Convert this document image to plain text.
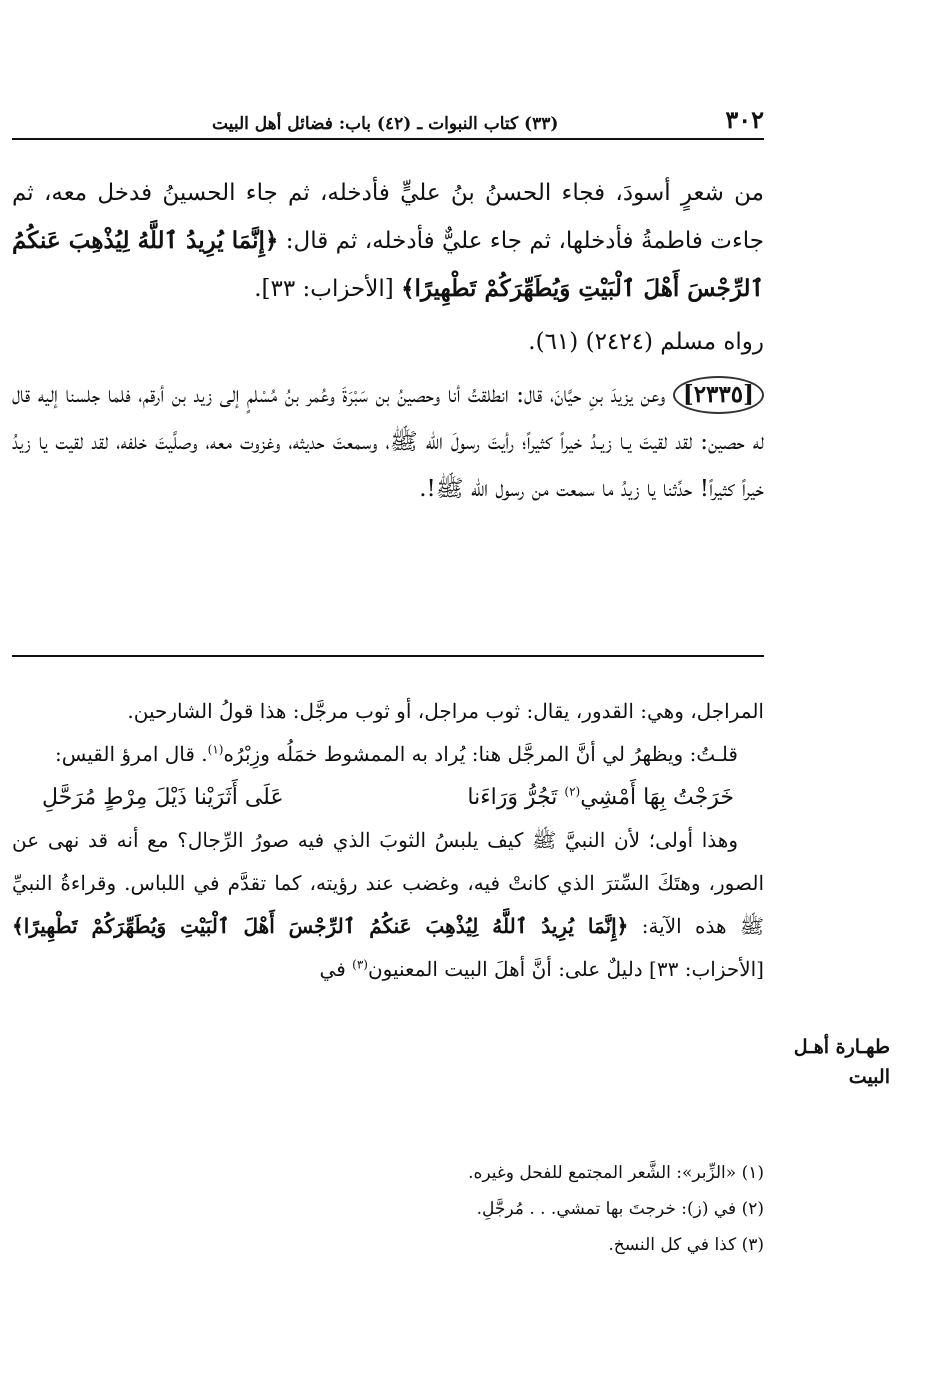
٣٠٢
(٣٣) كتاب النبوات ـ (٤٢) باب: فضائل أهل البيت

من شعرٍ أسودَ، فجاء الحسنُ بنُ عليٍّ فأدخله، ثم جاء الحسينُ فدخل معه، ثم جاءت فاطمةُ فأدخلها، ثم جاء عليٌّ فأدخله، ثم قال: ﴿إِنَّمَا يُرِيدُ ٱللَّهُ لِيُذْهِبَ عَنكُمُ ٱلرِّجْسَ أَهْلَ ٱلْبَيْتِ وَيُطَهِّرَكُمْ تَطْهِيرًا﴾ [الأحزاب: ٣٣].

رواه مسلم (٢٤٢٤) (٦١).

[٢٣٣٥] وعن يزيدَ بنِ حيَّانَ، قال: انطلقتُ أنا وحصينُ بن سَبْرَةَ وعُمر بنُ مُسْلمٍ إلى زيد بن أرقم، فلما جلسنا إليه قال له حصين: لقد لقيتَ يـا زيـدُ خيراً كثيراً؛ رأيتَ رسولَ الله ﷺ، وسمعتَ حديثه، وغزوت معه، وصلَّيتَ خلفه، لقد لقيت يا زيدُ خيراً كثيراً! حدِّثنا يا زيدُ ما سمعت من رسول الله ﷺ!.

المراجل، وهي: القدور، يقال: ثوب مراجل، أو ثوب مرجَّل: هذا قولُ الشارحين.

قلـتُ: ويظهرُ لي أنَّ المرجَّل هنا: يُراد به الممشوط خمَلُه وزِبْرُه$^{(١)}$. قال امرؤ القيس:

خَرَجْتُ بِهَا أَمْشِي$^{(٢)}$ تَجُرُّ وَرَاءَنا
عَلَى أَثَرَيْنا ذَيْلَ مِرْطٍ مُرَحَّلِ

وهذا أولى؛ لأن النبيَّ ﷺ كيف يلبسُ الثوبَ الذي فيه صورُ الرِّجال؟ مع أنه قد نهى عن الصور، وهتَكَ السِّترَ الذي كانتْ فيه، وغضب عند رؤيته، كما تقدَّم في اللباس. وقراءةُ النبيِّ ﷺ هذه الآية: ﴿إِنَّمَا يُرِيدُ ٱللَّهُ لِيُذْهِبَ عَنكُمُ ٱلرِّجْسَ أَهْلَ ٱلْبَيْتِ وَيُطَهِّرَكُمْ تَطْهِيرًا﴾ [الأحزاب: ٣٣] دليلٌ على: أنَّ أهلَ البيت المعنيون$^{(٣)}$ في

طهـارة أهـل البيت

(١) «الزِّبر»: الشَّعر المجتمع للفحل وغيره.

(٢) في (ز): خرجتَ بها تمشي. . . مُرجَّلِ.

(٣) كذا في كل النسخ.
